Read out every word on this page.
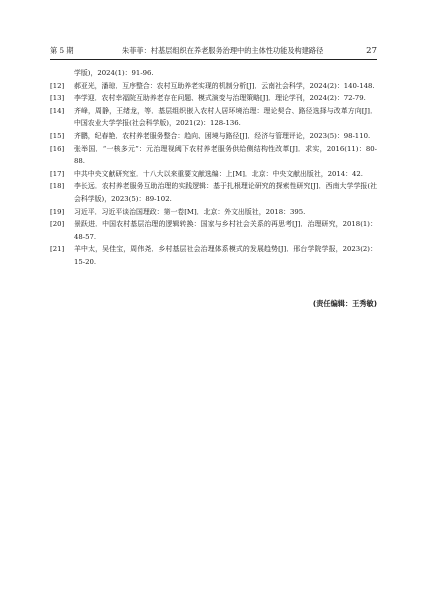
第 5 期	朱菲菲：村基层组织在养老服务治理中的主体性功能及构建路径	27
学版)，2024(1)：91-96.
[12] 郝亚光，潘琼．互序整合：农村互助养老实现的机制分析[J]．云南社会科学，2024(2)：140-148.
[13] 李学迎．农村幸福院互助养老存在问题、模式演变与治理策略[J]．理论学刊，2024(2)：72-79.
[14] 齐峰，周静，王绪龙，等．基层组织嵌入农村人居环境治理：理论契合、路径选择与改革方向[J]．中国农业大学学报(社会科学版)，2021(2)：128-136.
[15] 齐鹏，纪春艳．农村养老服务整合：趋向、困境与路径[J]．经济与管理评论，2023(5)：98-110.
[16] 张举国．“一核多元”：元治理视阈下农村养老服务供给侧结构性改革[J]．求实，2016(11)：80-88.
[17] 中共中央文献研究室．十八大以来重要文献选编：上[M]．北京：中央文献出版社，2014：42.
[18] 李长远．农村养老服务互助治理的实践逻辑：基于扎根理论研究的探索性研究[J]．西南大学学报(社会科学版)，2023(5)：89-102.
[19] 习近平．习近平谈治国理政：第一卷[M]．北京：外文出版社，2018：395.
[20] 景跃进．中国农村基层治理的逻辑转换：国家与乡村社会关系的再思考[J]．治理研究，2018(1)：48-57.
[21] 羊中太，吴佳宝，周伟尧．乡村基层社会治理体系模式的发展趋势[J]．邢台学院学报，2023(2)：15-20.
(责任编辑：王秀敏)
